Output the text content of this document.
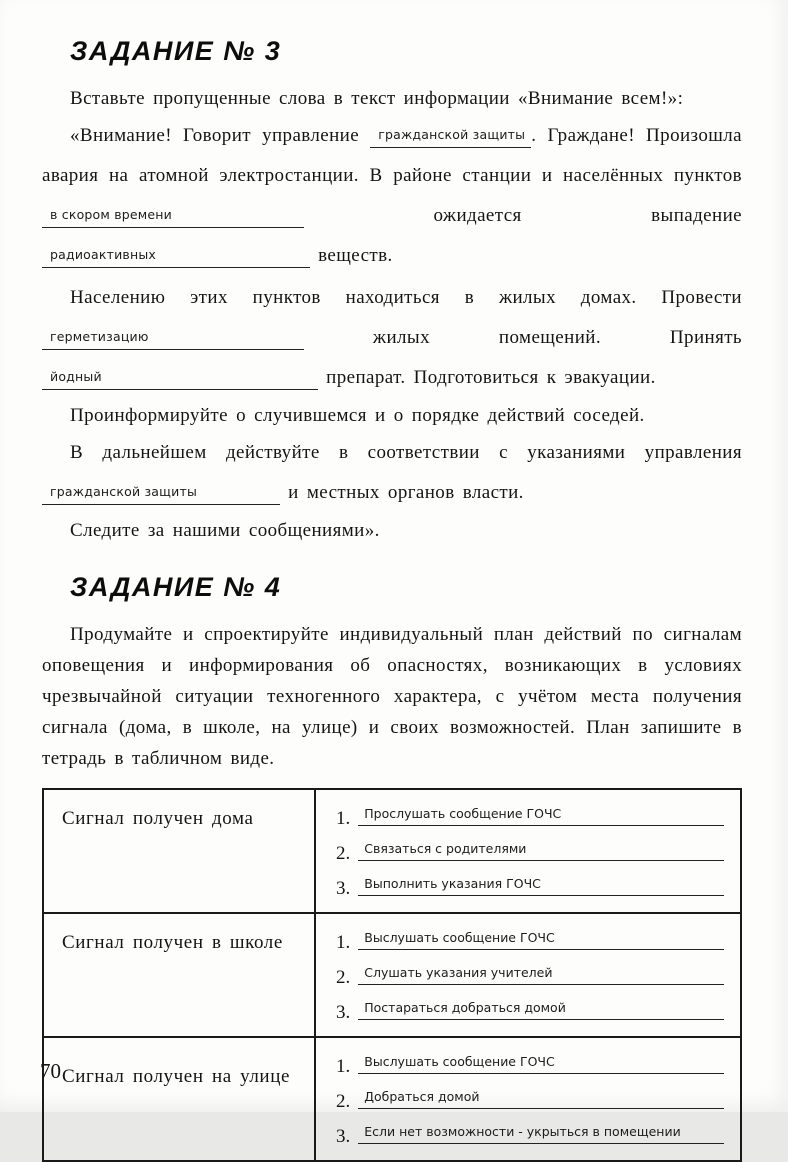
ЗАДАНИЕ № 3

Вставьте пропущенные слова в текст информации «Внимание всем!»:

«Внимание! Говорит управление гражданской защиты . Граждане! Произошла авария на атомной электростанции. В районе станции и населённых пунктов в скором времени	ожидается выпадение радиоактивных	веществ.

Населению этих пунктов находиться в жилых домах. Провести герметизацию	жилых помещений. Принять йодный	препарат. Подготовиться к эвакуации.

Проинформируйте о случившемся и о порядке действий соседей.

В дальнейшем действуйте в соответствии с указаниями управления гражданской защиты	и местных органов власти.

Следите за нашими сообщениями».

ЗАДАНИЕ № 4

Продумайте и спроектируйте индивидуальный план действий по сигналам оповещения и информирования об опасностях, возникающих в условиях чрезвычайной ситуации техногенного характера, с учётом места получения сигнала (дома, в школе, на улице) и своих возможностей. План запишите в тетрадь в табличном виде.

Сигнал получен дома	1.	Прослушать сообщение ГОЧС
2.	Связаться с родителями
3.	Выполнить указания ГОЧС

Сигнал получен в школе	1.	Выслушать сообщение ГОЧС
2.	Слушать указания учителей
3.	Постараться добраться домой

Сигнал получен на улице	1.	Выслушать сообщение ГОЧС
2.	Добраться домой
3.	Если нет возможности - укрыться в помещении
70
